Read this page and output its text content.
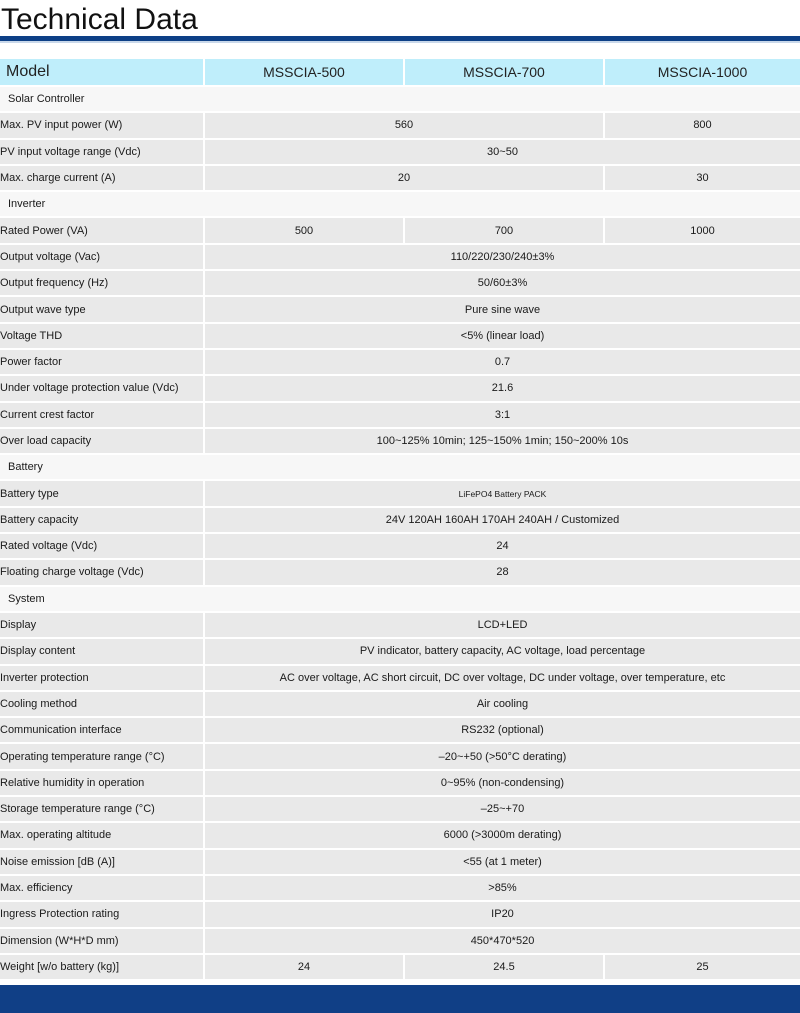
Technical Data
Model	MSSCIA-500	MSSCIA-700	MSSCIA-1000
Solar Controller			
Max. PV input power (W)	560		800
PV input voltage range (Vdc)	30~50		
Max. charge current (A)	20		30
Inverter			
Rated Power (VA)	500	700	1000
Output voltage (Vac)	110/220/230/240±3%		
Output frequency (Hz)	50/60±3%		
Output wave type	Pure sine wave		
Voltage THD	<5% (linear load)		
Power factor	0.7		
Under voltage protection value (Vdc)	21.6		
Current crest factor	3:1		
Over load capacity	100~125% 10min; 125~150% 1min; 150~200% 10s		
Battery			
Battery type	LiFePO4 Battery PACK		
Battery capacity	24V 120AH 160AH 170AH 240AH / Customized		
Rated voltage (Vdc)	24		
Floating charge voltage (Vdc)	28		
System			
Display	LCD+LED		
Display content	PV indicator, battery capacity, AC voltage, load percentage		
Inverter protection	AC over voltage, AC short circuit, DC over voltage, DC under voltage, over temperature, etc		
Cooling method	Air cooling		
Communication interface	RS232 (optional)		
Operating temperature range (°C)	–20~+50 (>50°C derating)		
Relative humidity in operation	0~95% (non-condensing)		
Storage temperature range (°C)	–25~+70		
Max. operating altitude	6000 (>3000m derating)		
Noise emission [dB (A)]	<55 (at 1 meter)		
Max. efficiency	>85%		
Ingress Protection rating	IP20		
Dimension (W*H*D mm)	450*470*520		
Weight [w/o battery (kg)]	24	24.5	25
